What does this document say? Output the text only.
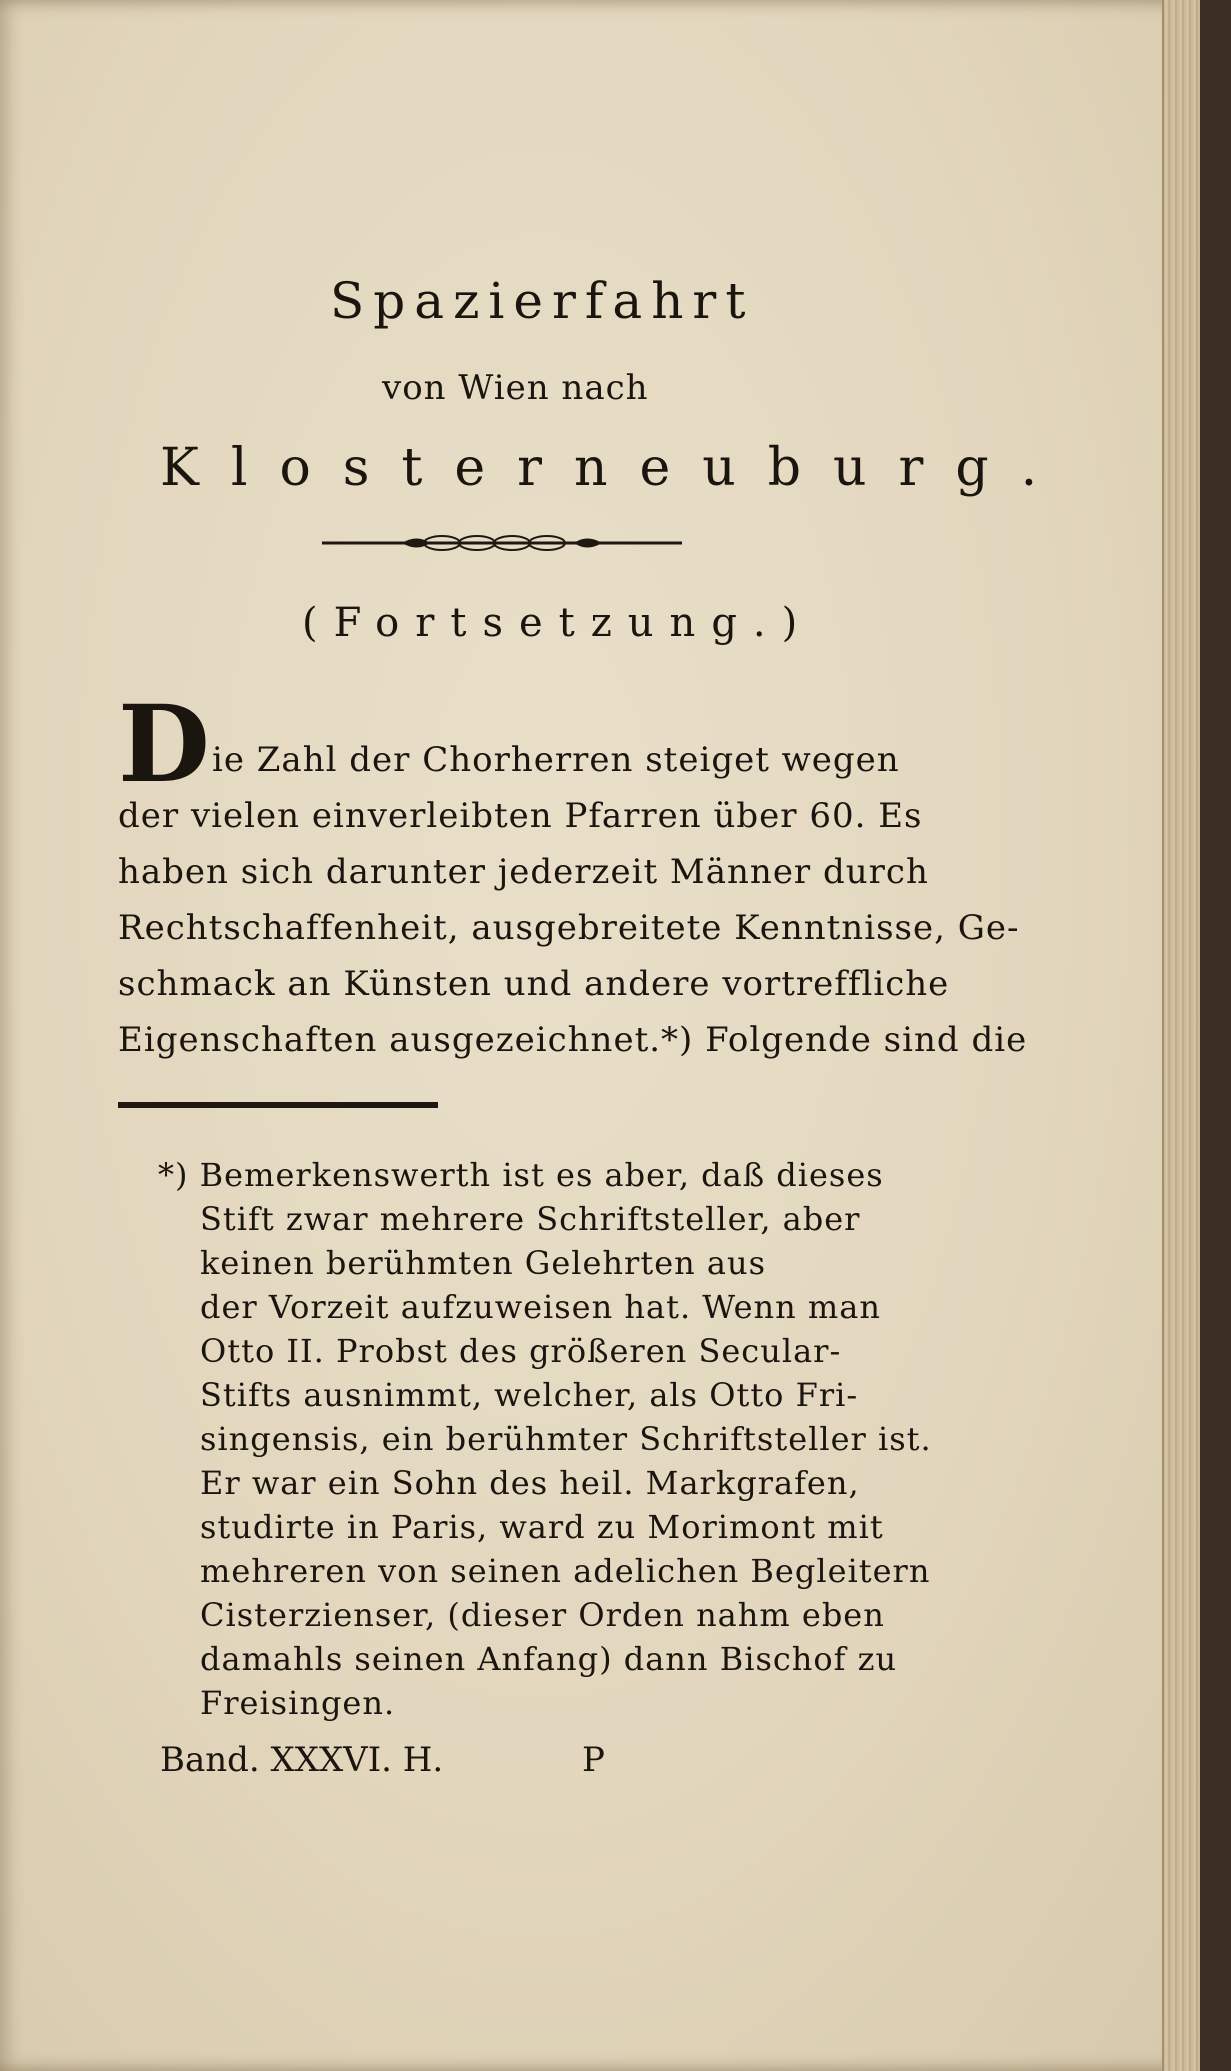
Spazierfahrt
von Wien nach
Klosterneuburg.
(Fortsetzung.)
D ie Zahl der Chorherren steiget wegen
der vielen einverleibten Pfarren über 60. Es
haben sich darunter jederzeit Männer durch
Rechtschaffenheit, ausgebreitete Kenntnisse, Ge-
schmack an Künsten und andere vortreffliche
Eigenschaften ausgezeichnet.*) Folgende sind die
*) Bemerkenswerth ist es aber, daß dieses
Stift zwar mehrere Schriftsteller, aber
keinen berühmten Gelehrten aus
der Vorzeit aufzuweisen hat. Wenn man
Otto II. Probst des größeren Secular-
Stifts ausnimmt, welcher, als Otto Fri-
singensis, ein berühmter Schriftsteller ist.
Er war ein Sohn des heil. Markgrafen,
studirte in Paris, ward zu Morimont mit
mehreren von seinen adelichen Begleitern
Cisterzienser, (dieser Orden nahm eben
damahls seinen Anfang) dann Bischof zu
Freisingen.
Band. XXXVI. H.	P
